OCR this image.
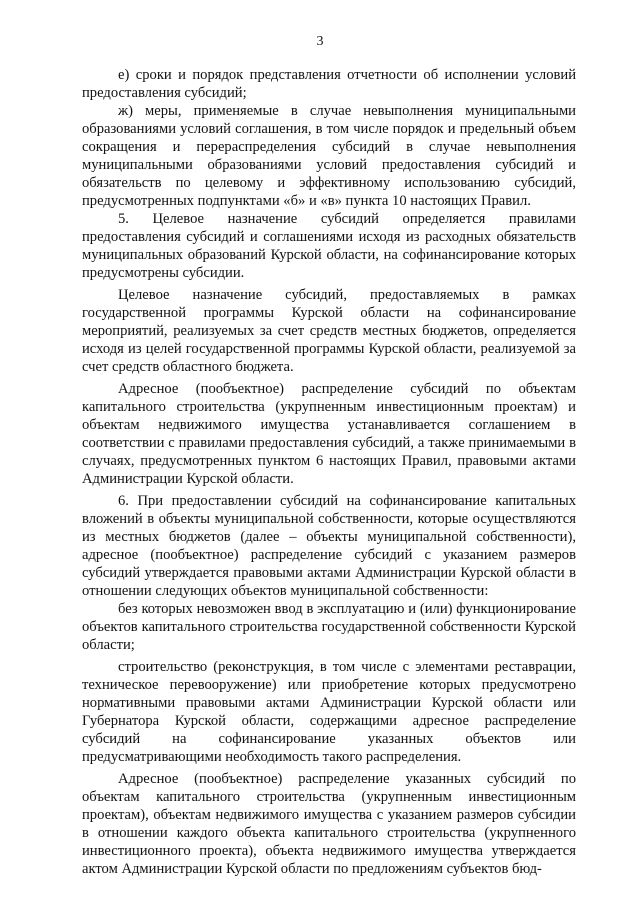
3

е) сроки и порядок представления отчетности об исполнении условий предоставления субсидий;

ж) меры, применяемые в случае невыполнения муниципальными образованиями условий соглашения, в том числе порядок и предельный объем сокращения и перераспределения субсидий в случае невыполнения муниципальными образованиями условий предоставления субсидий и обязательств по целевому и эффективному использованию субсидий, предусмотренных подпунктами «б» и «в» пункта 10 настоящих Правил.

5. Целевое назначение субсидий определяется правилами предоставления субсидий и соглашениями исходя из расходных обязательств муниципальных образований Курской области, на софинансирование которых предусмотрены субсидии.

Целевое назначение субсидий, предоставляемых в рамках государственной программы Курской области на софинансирование мероприятий, реализуемых за счет средств местных бюджетов, определяется исходя из целей государственной программы Курской области, реализуемой за счет средств областного бюджета.

Адресное (пообъектное) распределение субсидий по объектам капитального строительства (укрупненным инвестиционным проектам) и объектам недвижимого имущества устанавливается соглашением в соответствии с правилами предоставления субсидий, а также принимаемыми в случаях, предусмотренных пунктом 6 настоящих Правил, правовыми актами Администрации Курской области.

6. При предоставлении субсидий на софинансирование капитальных вложений в объекты муниципальной собственности, которые осуществляются из местных бюджетов (далее – объекты муниципальной собственности), адресное (пообъектное) распределение субсидий с указанием размеров субсидий утверждается правовыми актами Администрации Курской области в отношении следующих объектов муниципальной собственности:

без которых невозможен ввод в эксплуатацию и (или) функционирование объектов капитального строительства государственной собственности Курской области;

строительство (реконструкция, в том числе с элементами реставрации, техническое перевооружение) или приобретение которых предусмотрено нормативными правовыми актами Администрации Курской области или Губернатора Курской области, содержащими адресное распределение субсидий на софинансирование указанных объектов или предусматривающими необходимость такого распределения.

Адресное (пообъектное) распределение указанных субсидий по объектам капитального строительства (укрупненным инвестиционным проектам), объектам недвижимого имущества с указанием размеров субсидии в отношении каждого объекта капитального строительства (укрупненного инвестиционного проекта), объекта недвижимого имущества утверждается актом Администрации Курской области по предложениям субъектов бюд-
